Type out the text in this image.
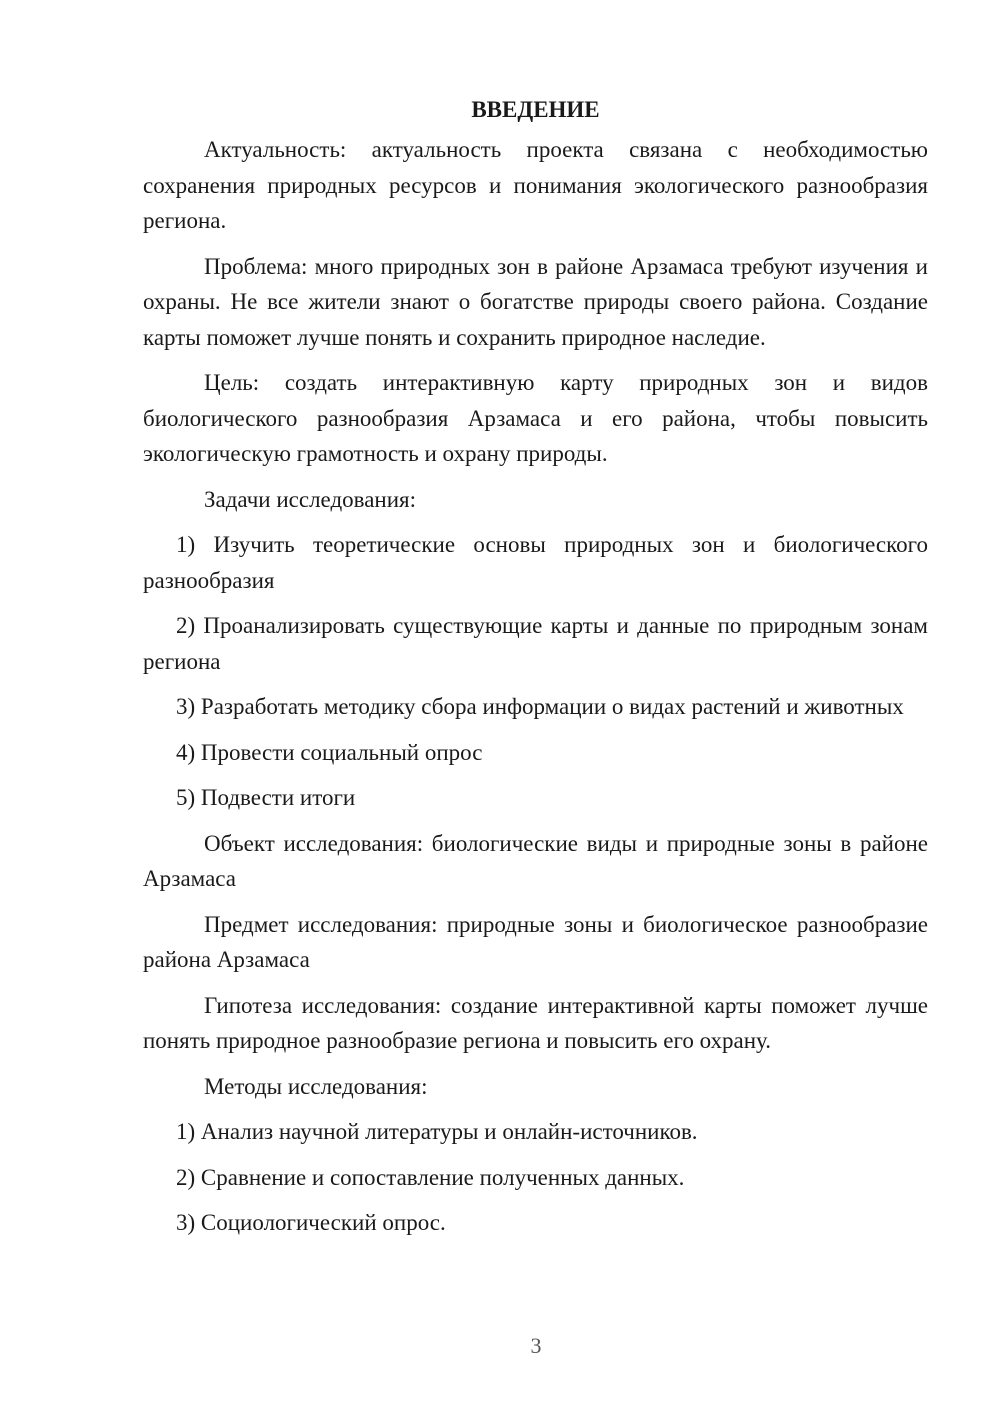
ВВЕДЕНИЕ

Актуальность: актуальность проекта связана с необходимостью сохранения природных ресурсов и понимания экологического разнообразия региона.

Проблема: много природных зон в районе Арзамаса требуют изучения и охраны. Не все жители знают о богатстве природы своего района. Создание карты поможет лучше понять и сохранить природное наследие.

Цель: создать интерактивную карту природных зон и видов биологического разнообразия Арзамаса и его района, чтобы повысить экологическую грамотность и охрану природы.

Задачи исследования:

1) Изучить теоретические основы природных зон и биологического разнообразия

2) Проанализировать существующие карты и данные по природным зонам региона

3) Разработать методику сбора информации о видах растений и животных

4) Провести социальный опрос

5) Подвести итоги

Объект исследования: биологические виды и природные зоны в районе Арзамаса

Предмет исследования: природные зоны и биологическое разнообразие района Арзамаса

Гипотеза исследования: создание интерактивной карты поможет лучше понять природное разнообразие региона и повысить его охрану.

Методы исследования:

1) Анализ научной литературы и онлайн-источников.

2) Сравнение и сопоставление полученных данных.

3) Социологический опрос.

3
